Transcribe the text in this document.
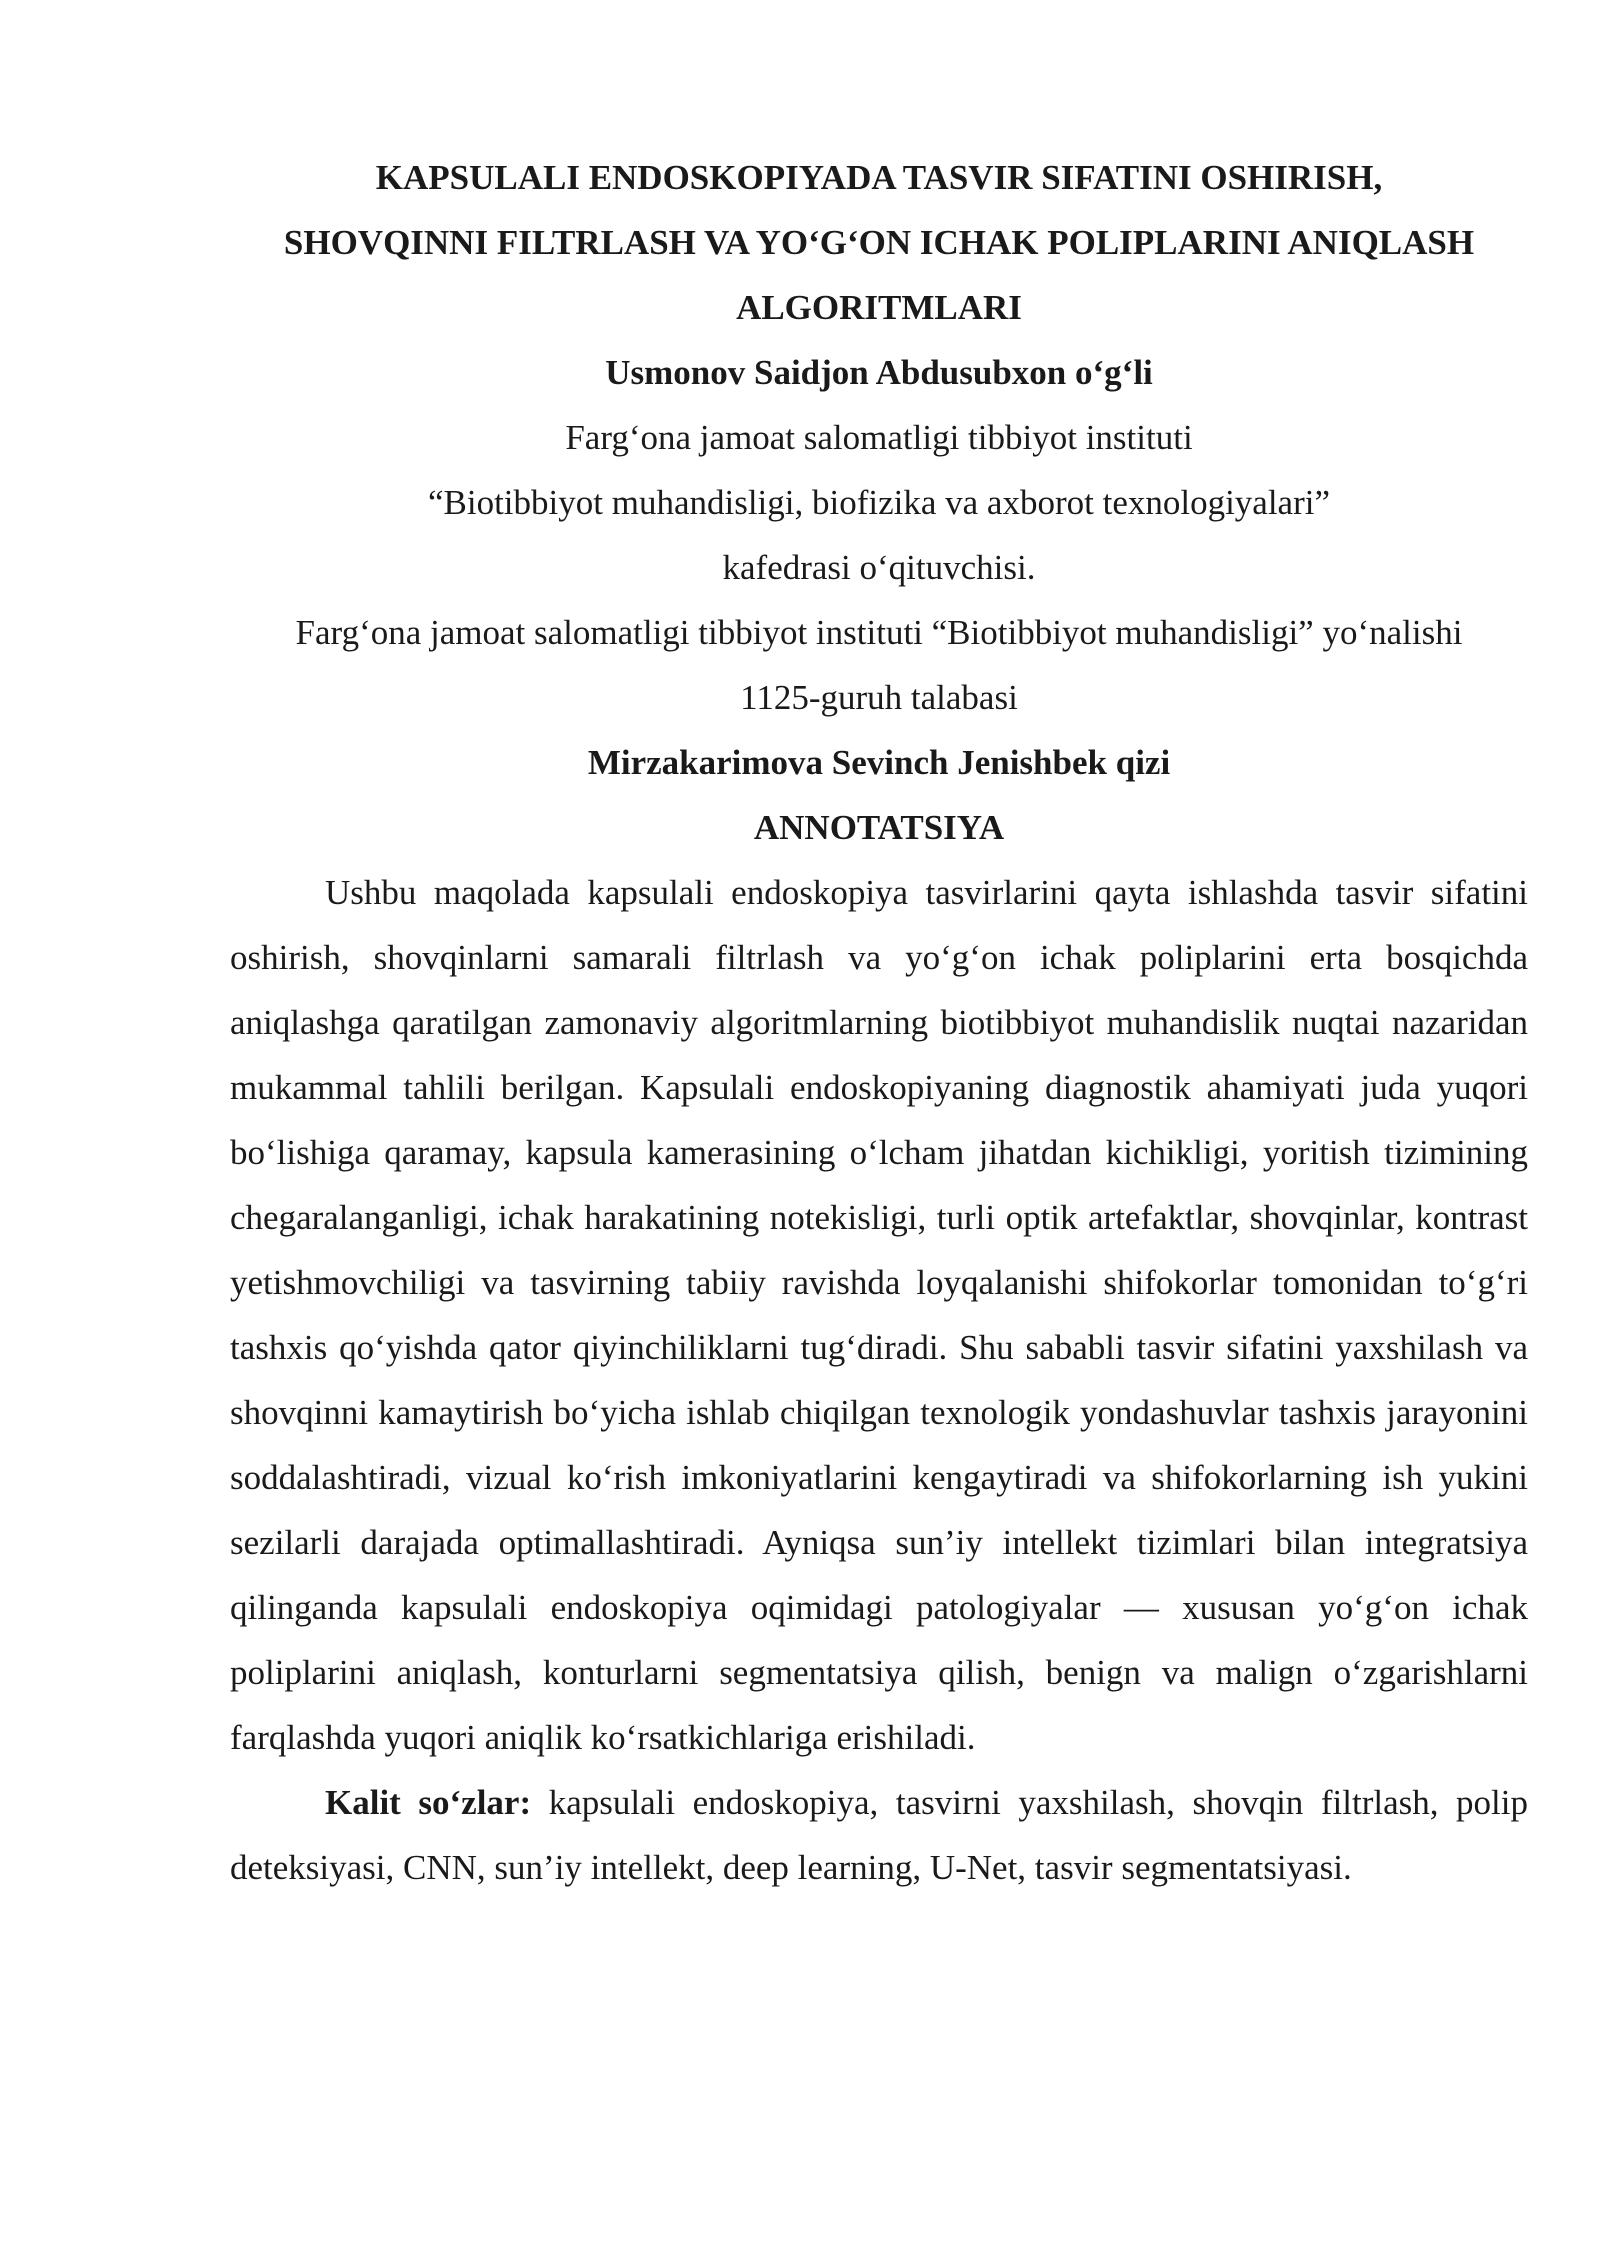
KAPSULALI ENDOSKOPIYADA TASVIR SIFATINI OSHIRISH,

SHOVQINNI FILTRLASH VA YO‘G‘ON ICHAK POLIPLARINI ANIQLASH

ALGORITMLARI

Usmonov Saidjon Abdusubxon o‘g‘li

Farg‘ona jamoat salomatligi tibbiyot instituti

“Biotibbiyot muhandisligi, biofizika va axborot texnologiyalari”

kafedrasi o‘qituvchisi.

Farg‘ona jamoat salomatligi tibbiyot instituti “Biotibbiyot muhandisligi” yo‘nalishi

1125-guruh talabasi

Mirzakarimova Sevinch Jenishbek qizi

ANNOTATSIYA

Ushbu maqolada kapsulali endoskopiya tasvirlarini qayta ishlashda tasvir sifatini oshirish, shovqinlarni samarali filtrlash va yo‘g‘on ichak poliplarini erta bosqichda aniqlashga qaratilgan zamonaviy algoritmlarning biotibbiyot muhandislik nuqtai nazaridan mukammal tahlili berilgan. Kapsulali endoskopiyaning diagnostik ahamiyati juda yuqori bo‘lishiga qaramay, kapsula kamerasining o‘lcham jihatdan kichikligi, yoritish tizimining chegaralanganligi, ichak harakatining notekisligi, turli optik artefaktlar, shovqinlar, kontrast yetishmovchiligi va tasvirning tabiiy ravishda loyqalanishi shifokorlar tomonidan to‘g‘ri tashxis qo‘yishda qator qiyinchiliklarni tug‘diradi. Shu sababli tasvir sifatini yaxshilash va shovqinni kamaytirish bo‘yicha ishlab chiqilgan texnologik yondashuvlar tashxis jarayonini soddalashtiradi, vizual ko‘rish imkoniyatlarini kengaytiradi va shifokorlarning ish yukini sezilarli darajada optimallashtiradi. Ayniqsa sun’iy intellekt tizimlari bilan integratsiya qilinganda kapsulali endoskopiya oqimidagi patologiyalar — xususan yo‘g‘on ichak poliplarini aniqlash, konturlarni segmentatsiya qilish, benign va malign o‘zgarishlarni farqlashda yuqori aniqlik ko‘rsatkichlariga erishiladi.

Kalit so‘zlar: kapsulali endoskopiya, tasvirni yaxshilash, shovqin filtrlash, polip deteksiyasi, CNN, sun’iy intellekt, deep learning, U-Net, tasvir segmentatsiyasi.
